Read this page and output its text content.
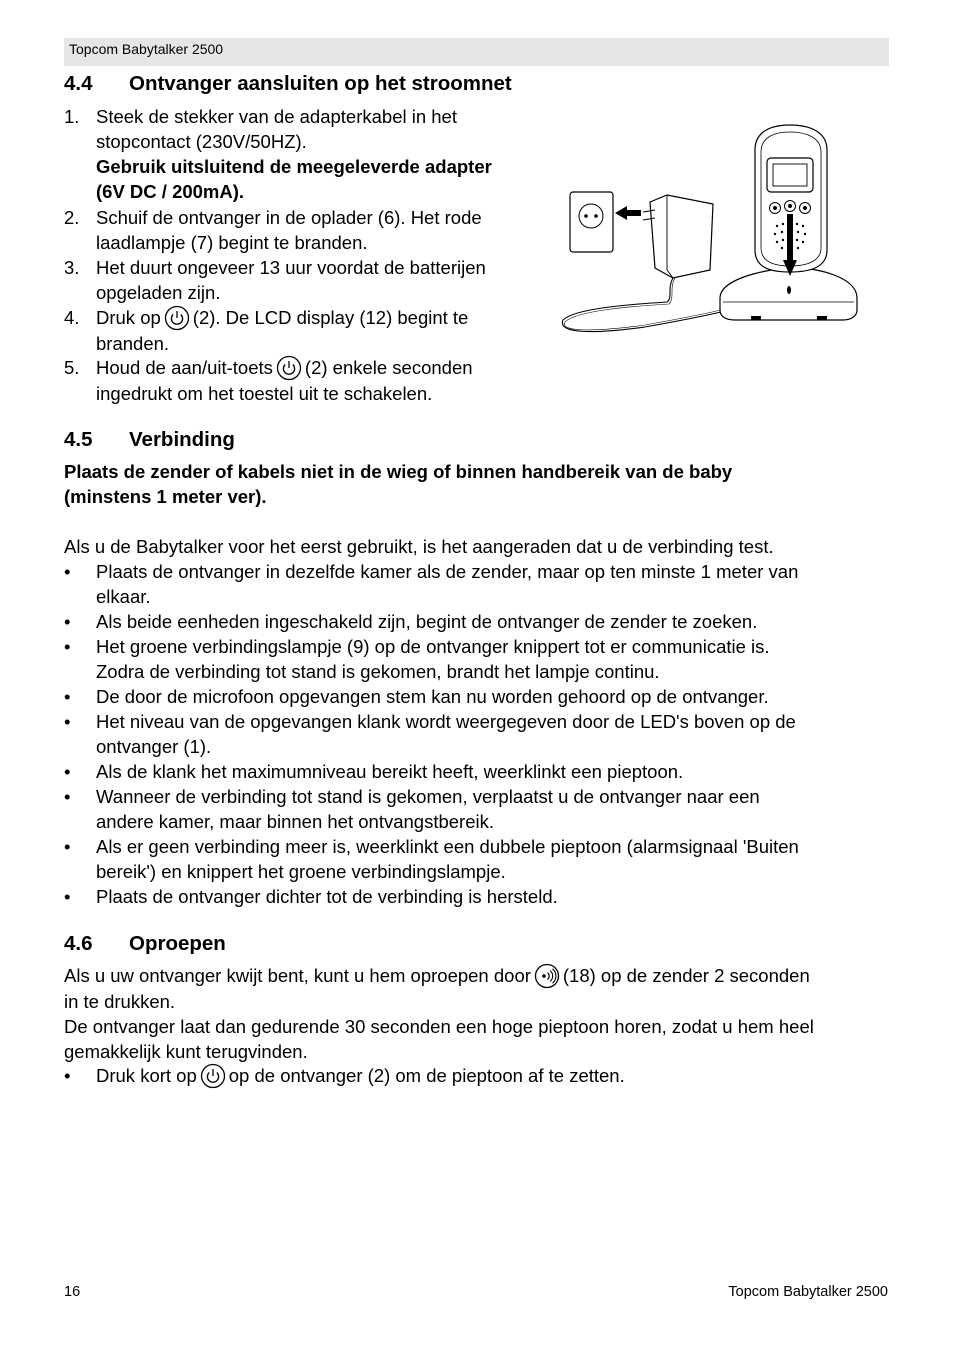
Topcom Babytalker 2500
4.4 Ontvanger aansluiten op het stroomnet
1. Steek de stekker van de adapterkabel in het
stopcontact (230V/50HZ).
Gebruik uitsluitend de meegeleverde adapter
(6V DC / 200mA).
2. Schuif de ontvanger in de oplader (6). Het rode
laadlampje (7) begint te branden.
3. Het duurt ongeveer 13 uur voordat de batterijen
opgeladen zijn.
4. Druk op (2). De LCD display (12) begint te
branden.
5. Houd de aan/uit-toets (2) enkele seconden
ingedrukt om het toestel uit te schakelen.
4.5 Verbinding
Plaats de zender of kabels niet in de wieg of binnen handbereik van de baby
(minstens 1 meter ver).
Als u de Babytalker voor het eerst gebruikt, is het aangeraden dat u de verbinding test.
• Plaats de ontvanger in dezelfde kamer als de zender, maar op ten minste 1 meter van
elkaar.
• Als beide eenheden ingeschakeld zijn, begint de ontvanger de zender te zoeken.
• Het groene verbindingslampje (9) op de ontvanger knippert tot er communicatie is.
Zodra de verbinding tot stand is gekomen, brandt het lampje continu.
• De door de microfoon opgevangen stem kan nu worden gehoord op de ontvanger.
• Het niveau van de opgevangen klank wordt weergegeven door de LED's boven op de
ontvanger (1).
• Als de klank het maximumniveau bereikt heeft, weerklinkt een pieptoon.
• Wanneer de verbinding tot stand is gekomen, verplaatst u de ontvanger naar een
andere kamer, maar binnen het ontvangstbereik.
• Als er geen verbinding meer is, weerklinkt een dubbele pieptoon (alarmsignaal 'Buiten
bereik') en knippert het groene verbindingslampje.
• Plaats de ontvanger dichter tot de verbinding is hersteld.
4.6 Oproepen
Als u uw ontvanger kwijt bent, kunt u hem oproepen door (18) op de zender 2 seconden
in te drukken.
De ontvanger laat dan gedurende 30 seconden een hoge pieptoon horen, zodat u hem heel
gemakkelijk kunt terugvinden.
• Druk kort op op de ontvanger (2) om de pieptoon af te zetten.
16	Topcom Babytalker 2500
